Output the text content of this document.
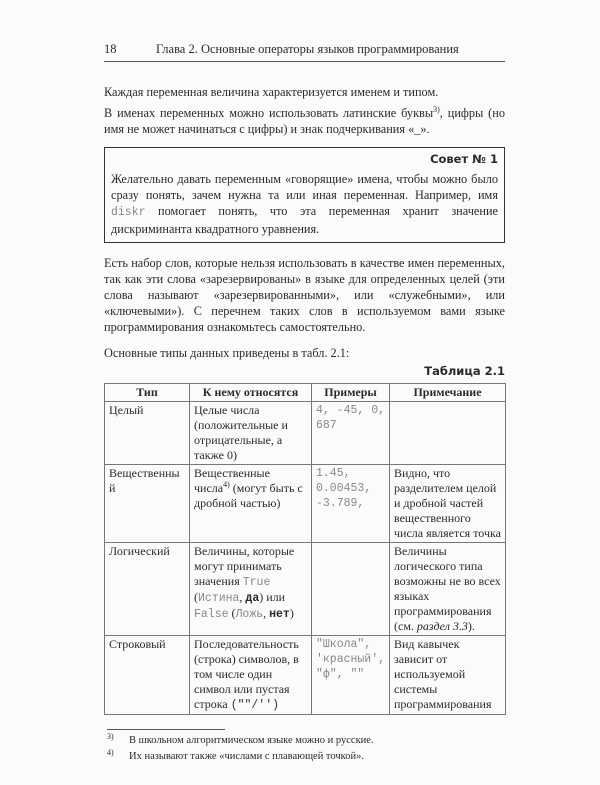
18	Глава 2. Основные операторы языков программирования

Каждая переменная величина характеризуется именем и типом.

В именах переменных можно использовать латинские буквы$^{3)}$, цифры (но имя не может начинаться с цифры) и знак подчеркивания «_».

Совет № 1

Желательно давать переменным «говорящие» имена, чтобы можно было сразу понять, зачем нужна та или иная переменная. Например, имя diskr помогает понять, что эта переменная хранит значение дискриминанта квадратного уравнения.

Есть набор слов, которые нельзя использовать в качестве имен переменных, так как эти слова «зарезервированы» в языке для определенных целей (эти слова называют «зарезервированными», или «служебными», или «ключевыми»). С перечнем таких слов в используемом вами языке программирования ознакомьтесь самостоятельно.

Основные типы данных приведены в табл. 2.1:

Таблица 2.1
Тип	К нему относятся	Примеры	Примечание
Целый	Целые числа (положительные и отрицательные, а также 0)	4, -45, 0, 687	
Вещественный	Вещественные числа$^{4)}$ (могут быть с дробной частью)	1.45, 0.00453, -3.789,	Видно, что разделителем целой и дробной частей вещественного числа является точка
Логический	Величины, которые могут принимать значения True (Истина, да) или False (Ложь, нет)		Величины логического типа возможны не во всех языках программирования (см. раздел 3.3).
Строковый	Последовательность (строка) символов, в том числе один символ или пустая строка (""/'')	"Школа", 'красный', "ф", ""	Вид кавычек зависит от используемой системы программирования
$^{3)}$ В школьном алгоритмическом языке можно и русские.
$^{4)}$ Их называют также «числами с плавающей точкой».
